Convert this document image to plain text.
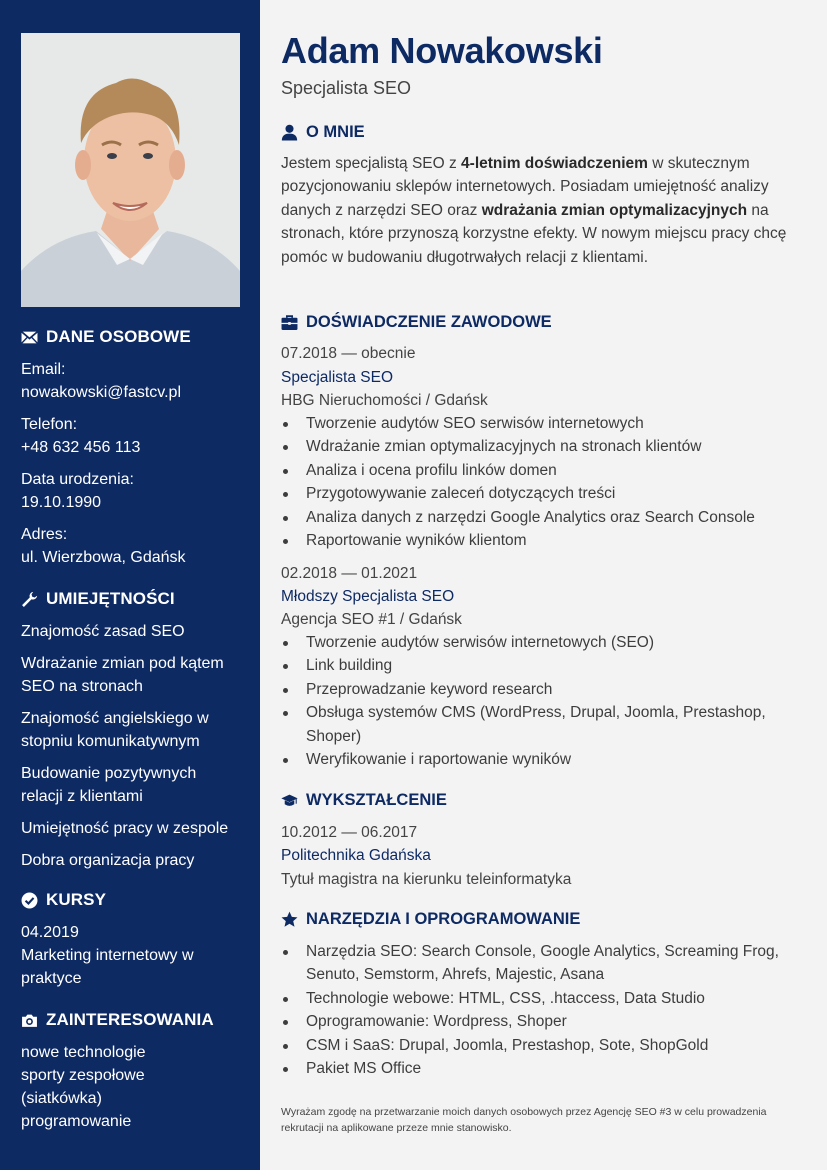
DANE OSOBOWE
Email:
nowakowski@fastcv.pl
Telefon:
+48 632 456 113
Data urodzenia:
19.10.1990
Adres:
ul. Wierzbowa, Gdańsk
UMIEJĘTNOŚCI
Znajomość zasad SEO
Wdrażanie zmian pod kątem
SEO na stronach
Znajomość angielskiego w
stopniu komunikatywnym
Budowanie pozytywnych
relacji z klientami
Umiejętność pracy w zespole
Dobra organizacja pracy
KURSY
04.2019
Marketing internetowy w
praktyce
ZAINTERESOWANIA
nowe technologie
sporty zespołowe
(siatkówka)
programowanie
Adam Nowakowski
Specjalista SEO
O MNIE

Jestem specjalistą SEO z 4-letnim doświadczeniem w skutecznym pozycjonowaniu sklepów internetowych. Posiadam umiejętność analizy danych z narzędzi SEO oraz wdrażania zmian optymalizacyjnych na stronach, które przynoszą korzystne efekty. W nowym miejscu pracy chcę pomóc w budowaniu długotrwałych relacji z klientami.

DOŚWIADCZENIE ZAWODOWE
07.2018 — obecnie
Specjalista SEO
HBG Nieruchomości / Gdańsk
Tworzenie audytów SEO serwisów internetowych
Wdrażanie zmian optymalizacyjnych na stronach klientów
Analiza i ocena profilu linków domen
Przygotowywanie zaleceń dotyczących treści
Analiza danych z narzędzi Google Analytics oraz Search Console
Raportowanie wyników klientom
02.2018 — 01.2021
Młodszy Specjalista SEO
Agencja SEO #1 / Gdańsk
Tworzenie audytów serwisów internetowych (SEO)
Link building
Przeprowadzanie keyword research
Obsługa systemów CMS (WordPress, Drupal, Joomla, Prestashop, Shoper)
Weryfikowanie i raportowanie wyników
WYKSZTAŁCENIE
10.2012 — 06.2017
Politechnika Gdańska
Tytuł magistra na kierunku teleinformatyka
NARZĘDZIA I OPROGRAMOWANIE
Narzędzia SEO: Search Console, Google Analytics, Screaming Frog, Senuto, Semstorm, Ahrefs, Majestic, Asana
Technologie webowe: HTML, CSS, .htaccess, Data Studio
Oprogramowanie: Wordpress, Shoper
CSM i SaaS: Drupal, Joomla, Prestashop, Sote, ShopGold
Pakiet MS Office

Wyrażam zgodę na przetwarzanie moich danych osobowych przez Agencję SEO #3 w celu prowadzenia rekrutacji na aplikowane przeze mnie stanowisko.
